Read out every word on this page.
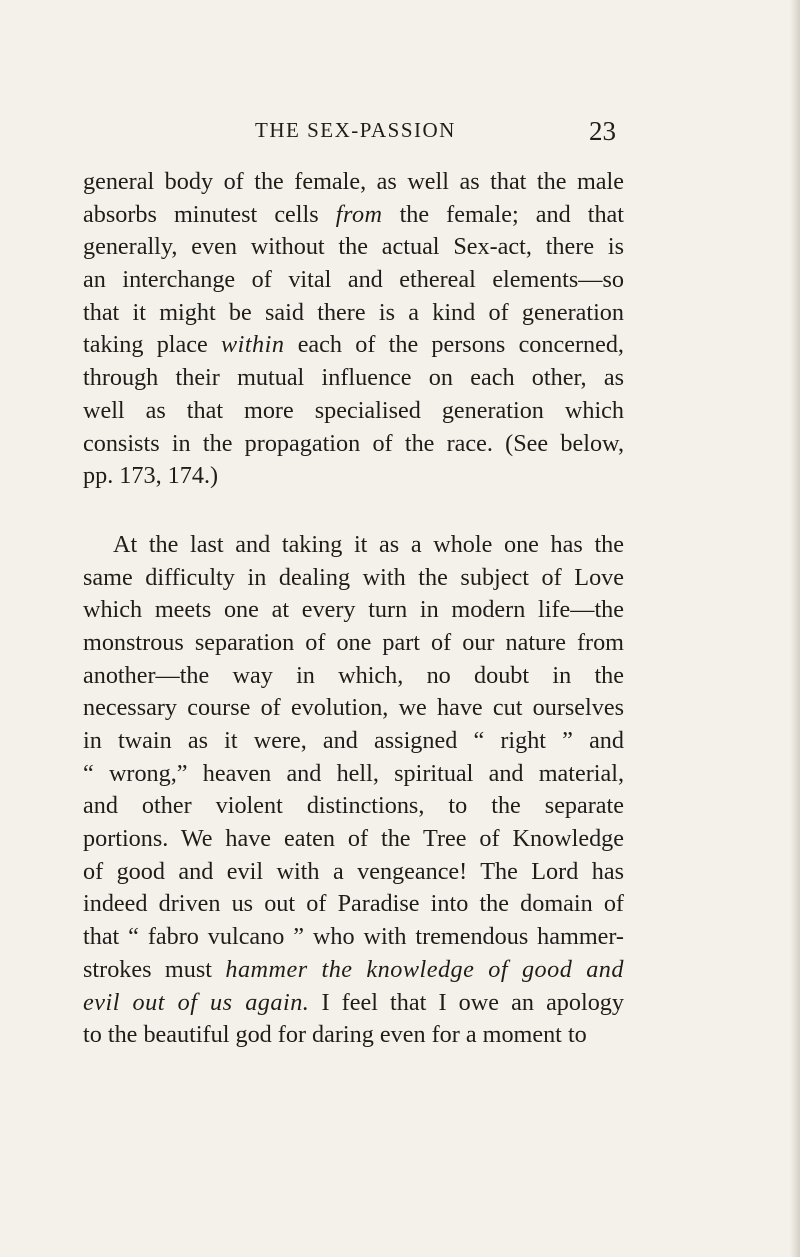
THE SEX-PASSION	23
general body of the female, as well as that the male
absorbs minutest cells from the female; and that
generally, even without the actual Sex-act, there is
an interchange of vital and ethereal elements—so
that it might be said there is a kind of generation
taking place within each of the persons concerned,
through their mutual influence on each other, as
well as that more specialised generation which
consists in the propagation of the race. (See below,
pp. 173, 174.)
At the last and taking it as a whole one has the
same difficulty in dealing with the subject of Love
which meets one at every turn in modern life—the
monstrous separation of one part of our nature from
another—the way in which, no doubt in the
necessary course of evolution, we have cut ourselves
in twain as it were, and assigned “ right ” and
“ wrong,” heaven and hell, spiritual and material,
and other violent distinctions, to the separate
portions. We have eaten of the Tree of Knowledge
of good and evil with a vengeance! The Lord has
indeed driven us out of Paradise into the domain of
that “ fabro vulcano ” who with tremendous hammer-
strokes must hammer the knowledge of good and
evil out of us again. I feel that I owe an apology
to the beautiful god for daring even for a moment to
